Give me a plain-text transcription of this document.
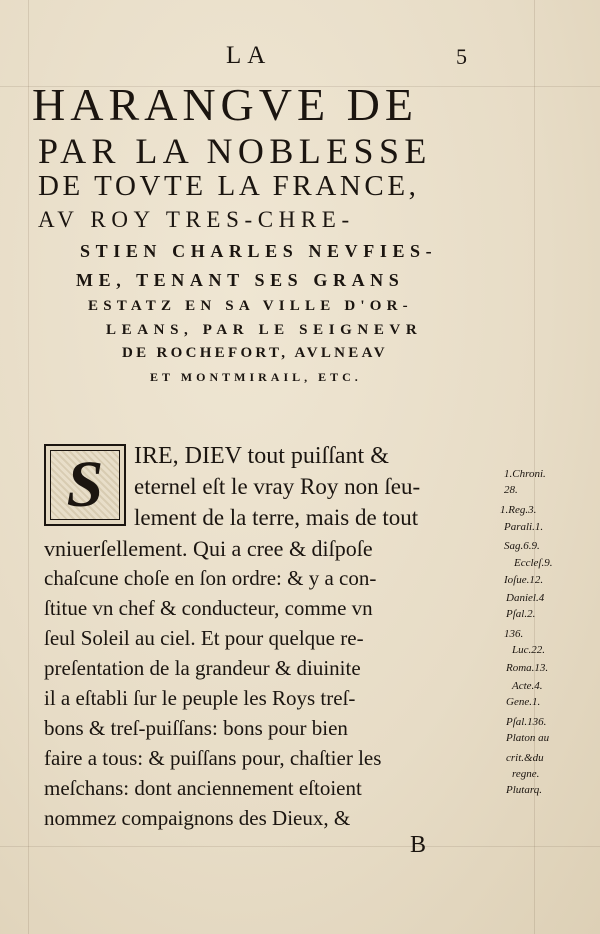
LA	5
HARANGVE DE
PAR LA NOBLESSE
DE TOVTE LA FRANCE,
AV ROY TRES-CHRE-
STIEN CHARLES NEVFIES-
ME, TENANT SES GRANS
ESTATZ EN SA VILLE D'OR-
LEANS, PAR LE SEIGNEVR
DE ROCHEFORT, AVLNEAV
ET MONTMIRAIL, ETC.
S	IRE, DIEV tout puiſſant &
eternel eſt le vray Roy non ſeu-
lement de la terre, mais de tout
vniuerſellement. Qui a cree & diſpoſe
chaſcune choſe en ſon ordre: & y a con-
ſtitue vn chef & conducteur, comme vn
ſeul Soleil au ciel. Et pour quelque re-
preſentation de la grandeur & diuinite
il a eſtabli ſur le peuple les Roys treſ-
bons & treſ-puiſſans: bons pour bien
faire a tous: & puiſſans pour, chaſtier les
meſchans: dont anciennement eſtoient
nommez compaignons des Dieux, &
1.Chroni.
28.
1.Reg.3.
Parali.1.
Sag.6.9.
Eccleſ.9.
Ioſue.12.
Daniel.4
Pſal.2.
136.
Luc.22.
Roma.13.
Acte.4.
Gene.1.
Pſal.136.
Platon au
crit.&du
regne.
Plutarq.
B
